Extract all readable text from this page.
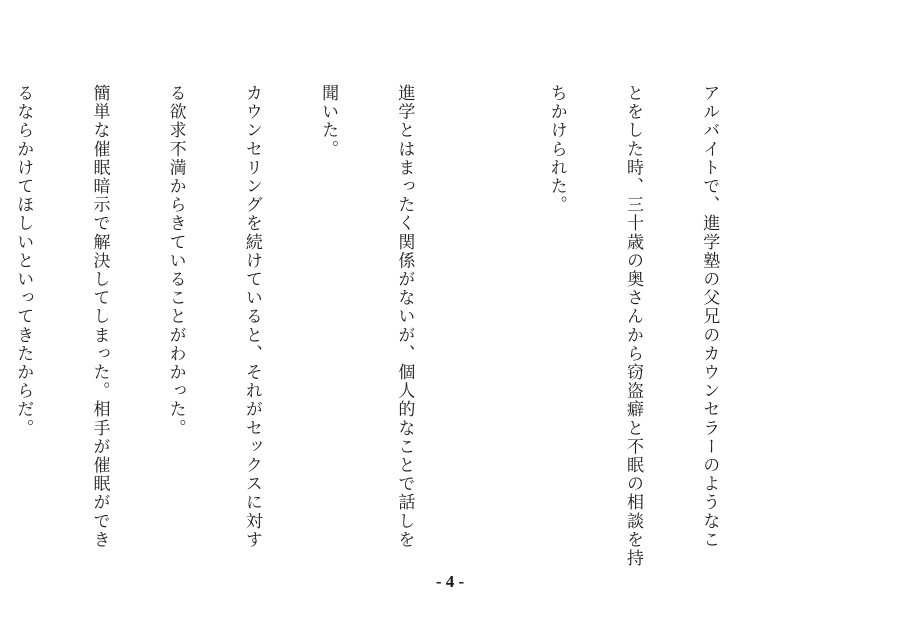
アルバイトで、進学塾の父兄のカウンセラーのようなこ

とをした時、三十歳の奥さんから窃盗癖と不眠の相談を持

ちかけられた。

進学とはまったく関係がないが、個人的なことで話しを

聞いた。

カウンセリングを続けていると、それがセックスに対す

る欲求不満からきていることがわかった。

簡単な催眠暗示で解決してしまった。相手が催眠ができ

るならかけてほしいといってきたからだ。

- 4 -
